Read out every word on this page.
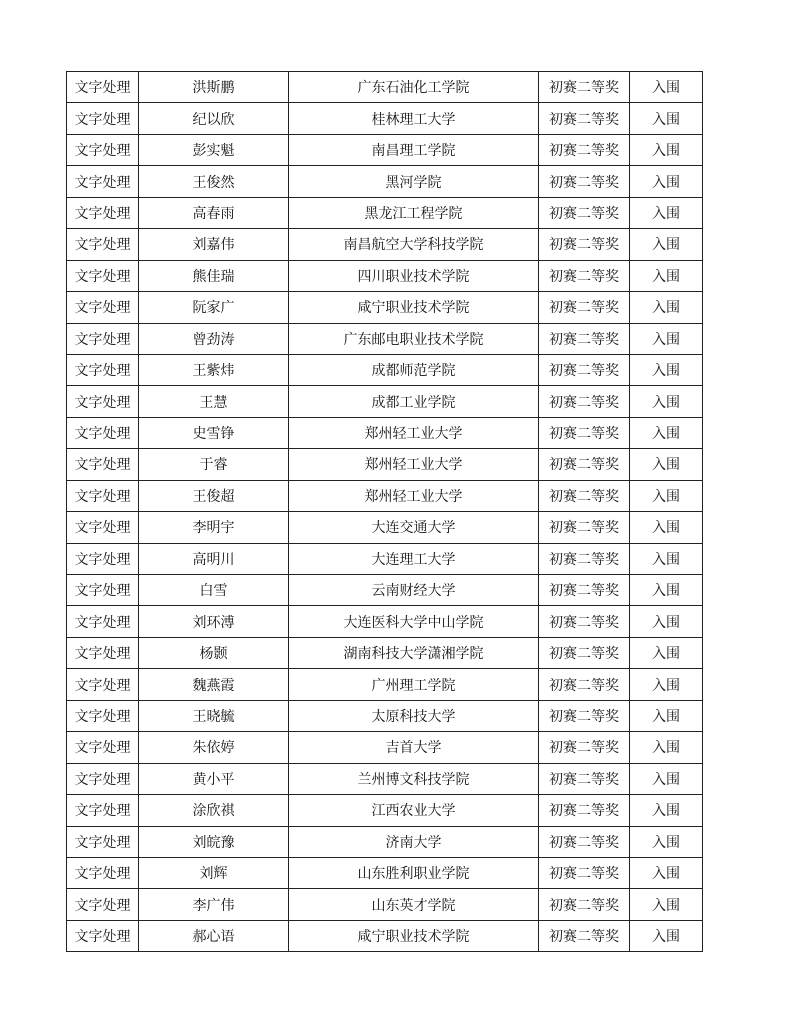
文字处理	洪斯鹏	广东石油化工学院	初赛二等奖	入围
文字处理	纪以欣	桂林理工大学	初赛二等奖	入围
文字处理	彭实魁	南昌理工学院	初赛二等奖	入围
文字处理	王俊然	黑河学院	初赛二等奖	入围
文字处理	高春雨	黑龙江工程学院	初赛二等奖	入围
文字处理	刘嘉伟	南昌航空大学科技学院	初赛二等奖	入围
文字处理	熊佳瑞	四川职业技术学院	初赛二等奖	入围
文字处理	阮家广	咸宁职业技术学院	初赛二等奖	入围
文字处理	曾劲涛	广东邮电职业技术学院	初赛二等奖	入围
文字处理	王紫炜	成都师范学院	初赛二等奖	入围
文字处理	王慧	成都工业学院	初赛二等奖	入围
文字处理	史雪铮	郑州轻工业大学	初赛二等奖	入围
文字处理	于睿	郑州轻工业大学	初赛二等奖	入围
文字处理	王俊超	郑州轻工业大学	初赛二等奖	入围
文字处理	李明宇	大连交通大学	初赛二等奖	入围
文字处理	高明川	大连理工大学	初赛二等奖	入围
文字处理	白雪	云南财经大学	初赛二等奖	入围
文字处理	刘环溥	大连医科大学中山学院	初赛二等奖	入围
文字处理	杨颢	湖南科技大学潇湘学院	初赛二等奖	入围
文字处理	魏燕霞	广州理工学院	初赛二等奖	入围
文字处理	王晓毓	太原科技大学	初赛二等奖	入围
文字处理	朱依婷	吉首大学	初赛二等奖	入围
文字处理	黄小平	兰州博文科技学院	初赛二等奖	入围
文字处理	涂欣祺	江西农业大学	初赛二等奖	入围
文字处理	刘皖豫	济南大学	初赛二等奖	入围
文字处理	刘辉	山东胜利职业学院	初赛二等奖	入围
文字处理	李广伟	山东英才学院	初赛二等奖	入围
文字处理	郝心语	咸宁职业技术学院	初赛二等奖	入围
